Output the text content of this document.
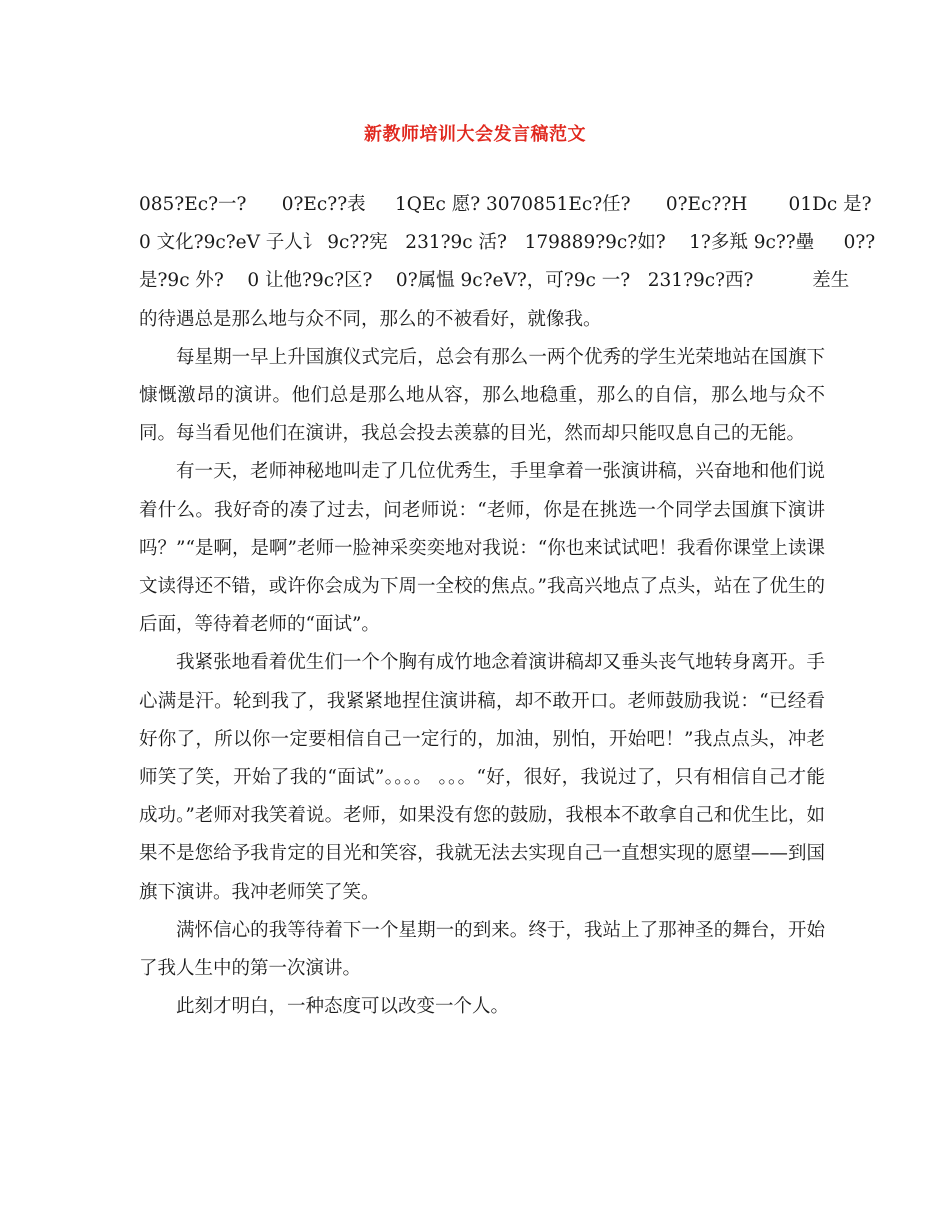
新教师培训大会发言稿范文
085?Ec?一?      0?Ec??表     1QEc 愿? 3070851Ec?任?      0?Ec??H       01Dc 是?
0 文化?9c?eV 子人讠 9c??宪   231?9c 活?   179889?9c?如?    1?多羝 9c??壘     0??
是?9c 外?    0 让他?9c?区?    0?属愠 9c?eV?，可?9c 一?   231?9c?西?          差生

的待遇总是那么地与众不同，那么的不被看好，就像我。

每星期一早上升国旗仪式完后，总会有那么一两个优秀的学生光荣地站在国旗下慷慨激昂的演讲。他们总是那么地从容，那么地稳重，那么的自信，那么地与众不同。每当看见他们在演讲，我总会投去羡慕的目光，然而却只能叹息自己的无能。

有一天，老师神秘地叫走了几位优秀生，手里拿着一张演讲稿，兴奋地和他们说着什么。我好奇的凑了过去，问老师说：“老师，你是在挑选一个同学去国旗下演讲吗？”“是啊，是啊”老师一脸神采奕奕地对我说：“你也来试试吧！我看你课堂上读课文读得还不错，或许你会成为下周一全校的焦点。”我高兴地点了点头，站在了优生的后面，等待着老师的“面试”。

我紧张地看着优生们一个个胸有成竹地念着演讲稿却又垂头丧气地转身离开。手心满是汗。轮到我了，我紧紧地捏住演讲稿，却不敢开口。老师鼓励我说：“已经看好你了，所以你一定要相信自己一定行的，加油，别怕，开始吧！”我点点头，冲老师笑了笑，开始了我的“面试”。。。。 。。。“好，很好，我说过了，只有相信自己才能成功。”老师对我笑着说。老师，如果没有您的鼓励，我根本不敢拿自己和优生比，如果不是您给予我肯定的目光和笑容，我就无法去实现自己一直想实现的愿望——到国旗下演讲。我冲老师笑了笑。

满怀信心的我等待着下一个星期一的到来。终于，我站上了那神圣的舞台，开始了我人生中的第一次演讲。

此刻才明白，一种态度可以改变一个人。
